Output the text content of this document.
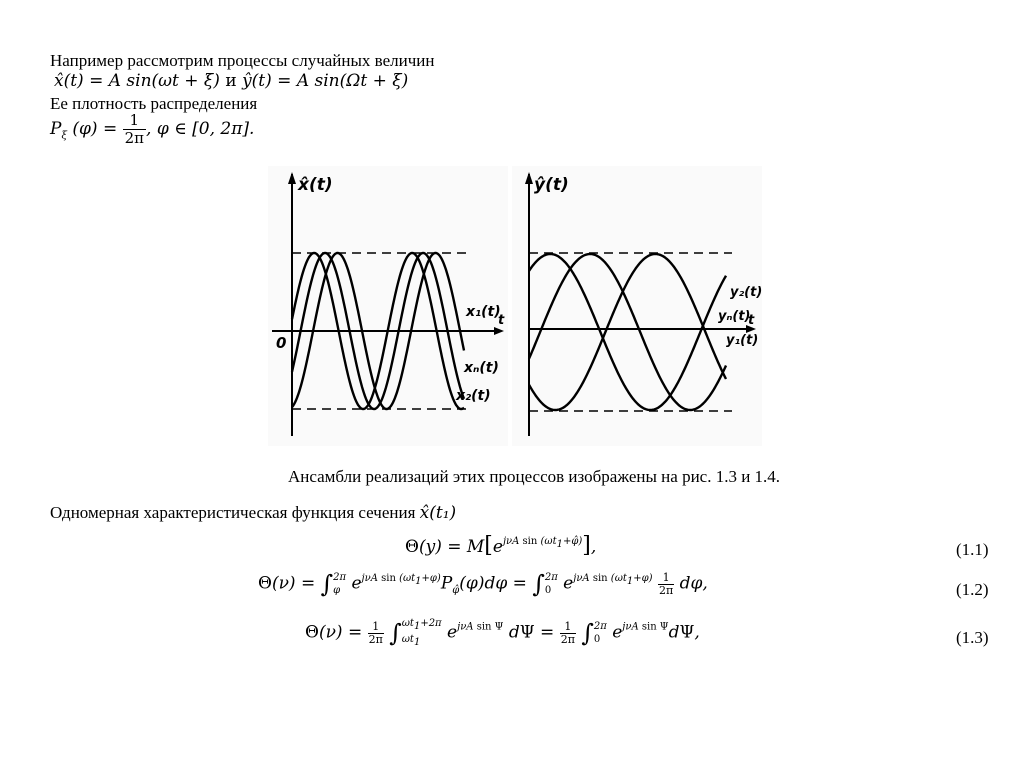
Например рассмотрим процессы случайных величин
x̂(t) = A sin(ωt + ξ) и ŷ(t) = A sin(Ωt + ξ)
Ее плотность распределения
$P_\xi$ $(\varphi) = \frac{1}{2\pi}$ , φ ∈ [0, 2π].
x̂(t)
0
t
x₁(t)
xₙ(t)
x₂(t)
ŷ(t)
t
y₂(t)
yₙ(t)
y₁(t)
Ансамбли реализаций этих процессов изображены на рис. 1.3 и 1.4.
Одномерная характеристическая функция сечения x̂(t₁)
$\Theta(y) = M[e^{j\nu A sin (\omega t_1+\varphî)}]$,	(1.1)
Θ(ν) = ∫ 2π
φ $e^{j\nu A sin (\omega t_1+\varphi)}P_{\varphî}(\varphi)d\varphi$ = ∫ 2π
0 $e^{j\nu A sin (\omega t_1+\varphi)} \frac{1}{2\pi} d\varphi$,	(1.2)
$\Theta(\nu) = \frac{1}{2\pi}$ ∫ $\omega t_1+2\pi$
$\omega t_1$	$e^{j\nu A sin \Psi}$ $d\Psi = \frac{1}{2\pi}$ ∫ 2π
0 $e^{j\nu A sin \Psi}d\Psi$,	(1.3)
